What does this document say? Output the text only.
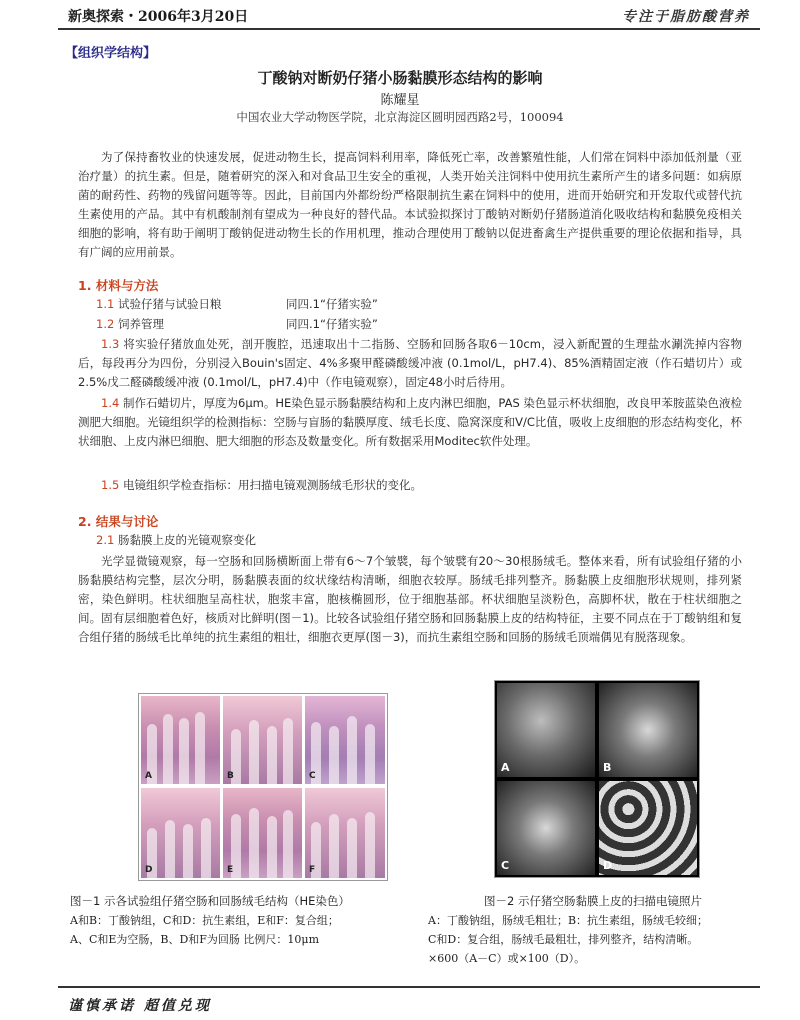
新奥探索・2006年3月20日	专注于脂肪酸营养
【组织学结构】
丁酸钠对断奶仔猪小肠黏膜形态结构的影响
陈耀星
中国农业大学动物医学院，北京海淀区圆明园西路2号，100094

为了保持畜牧业的快速发展，促进动物生长，提高饲料利用率，降低死亡率，改善繁殖性能，人们常在饲料中添加低剂量（亚治疗量）的抗生素。但是，随着研究的深入和对食品卫生安全的重视，人类开始关注饲料中使用抗生素所产生的诸多问题：如病原菌的耐药性、药物的残留问题等等。因此，目前国内外都纷纷严格限制抗生素在饲料中的使用，进而开始研究和开发取代或替代抗生素使用的产品。其中有机酸制剂有望成为一种良好的替代品。本试验拟探讨丁酸钠对断奶仔猪肠道消化吸收结构和黏膜免疫相关细胞的影响，将有助于阐明丁酸钠促进动物生长的作用机理，推动合理使用丁酸钠以促进畜禽生产提供重要的理论依据和指导，具有广阔的应用前景。

1. 材料与方法
1.1 试验仔猪与试验日粮	同四.1“仔猪实验”
1.2 饲养管理	同四.1“仔猪实验”

1.3 将实验仔猪放血处死，剖开腹腔，迅速取出十二指肠、空肠和回肠各取6－10cm，浸入新配置的生理盐水涮洗掉内容物后，每段再分为四份，分别浸入Bouin's固定、4%多聚甲醛磷酸缓冲液 (0.1mol/L，pH7.4)、85%酒精固定液（作石蜡切片）或2.5%戊二醛磷酸缓冲液 (0.1mol/L，pH7.4)中（作电镜观察），固定48小时后待用。

1.4 制作石蜡切片，厚度为6μm。HE染色显示肠黏膜结构和上皮内淋巴细胞，PAS 染色显示杯状细胞，改良甲苯胺蓝染色液检测肥大细胞。光镜组织学的检测指标：空肠与盲肠的黏膜厚度、绒毛长度、隐窝深度和V/C比值，吸收上皮细胞的形态结构变化，杯状细胞、上皮内淋巴细胞、肥大细胞的形态及数量变化。所有数据采用Moditec软件处理。

1.5 电镜组织学检查指标：用扫描电镜观测肠绒毛形状的变化。

2. 结果与讨论
2.1 肠黏膜上皮的光镜观察变化

光学显微镜观察，每一空肠和回肠横断面上带有6～7个皱襞，每个皱襞有20～30根肠绒毛。整体来看，所有试验组仔猪的小肠黏膜结构完整，层次分明，肠黏膜表面的纹状缘结构清晰，细胞衣较厚。肠绒毛排列整齐。肠黏膜上皮细胞形状规则，排列紧密，染色鲜明。柱状细胞呈高柱状，胞浆丰富，胞核椭圆形，位于细胞基部。杯状细胞呈淡粉色，高脚杯状，散在于柱状细胞之间。固有层细胞着色好，核质对比鲜明(图－1)。比较各试验组仔猪空肠和回肠黏膜上皮的结构特征，主要不同点在于丁酸钠组和复合组仔猪的肠绒毛比单纯的抗生素组的粗壮，细胞衣更厚(图－3)，而抗生素组空肠和回肠的肠绒毛顶端偶见有脱落现象。

A	B	C
D	E	F
A	B
C	D
图－1 示各试验组仔猪空肠和回肠绒毛结构（HE染色）
A和B：丁酸钠组，C和D：抗生素组，E和F：复合组；
A、C和E为空肠，B、D和F为回肠 比例尺：10μm
图－2 示仔猪空肠黏膜上皮的扫描电镜照片
A：丁酸钠组，肠绒毛粗壮；B：抗生素组，肠绒毛较细；
C和D：复合组，肠绒毛最粗壮，排列整齐，结构清晰。
×600（A－C）或×100（D）。
谨慎承诺 超值兑现
